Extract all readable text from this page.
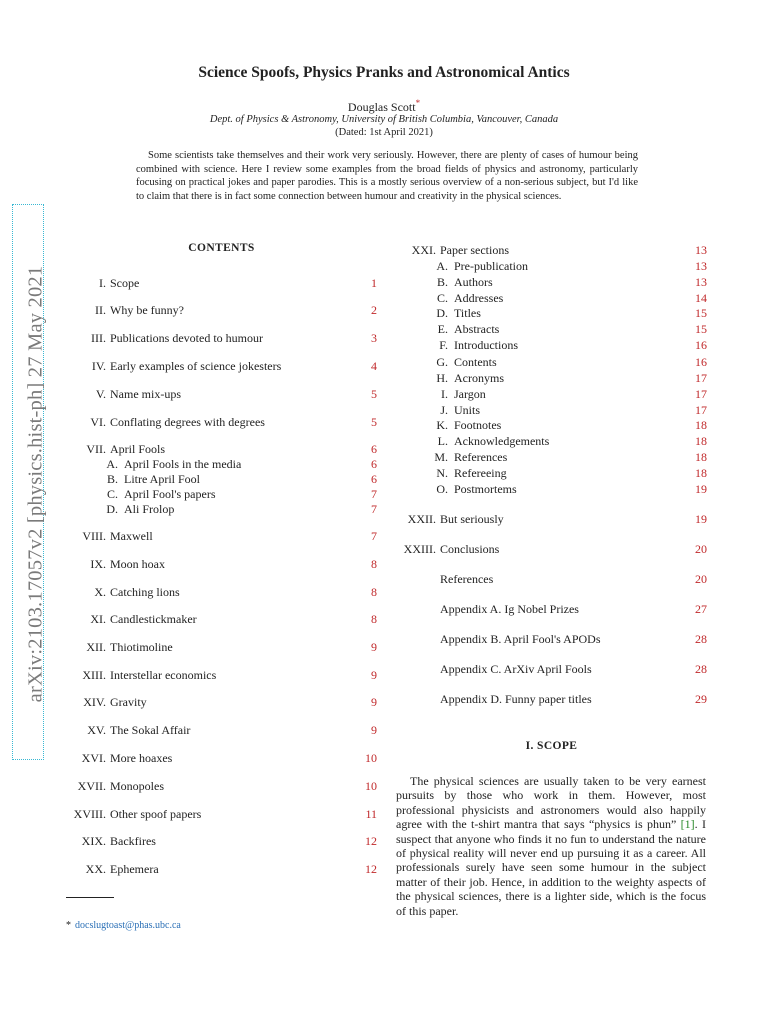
Science Spoofs, Physics Pranks and Astronomical Antics
Douglas Scott*
Dept. of Physics & Astronomy, University of British Columbia, Vancouver, Canada
(Dated: 1st April 2021)
Some scientists take themselves and their work very seriously. However, there are plenty of cases of humour being combined with science. Here I review some examples from the broad fields of physics and astronomy, particularly focusing on practical jokes and paper parodies. This is a mostly serious overview of a non-serious subject, but I'd like to claim that there is in fact some connection between humour and creativity in the physical sciences.
arXiv:2103.17057v2 [physics.hist-ph] 27 May 2021
CONTENTS
I. Scope	1
II. Why be funny?	2
III. Publications devoted to humour	3
IV. Early examples of science jokesters	4
V. Name mix-ups	5
VI. Conflating degrees with degrees	5
VII. April Fools	6
A. April Fools in the media	6
B. Litre April Fool	6
C. April Fool's papers	7
D. Ali Frolop	7
VIII. Maxwell	7
IX. Moon hoax	8
X. Catching lions	8
XI. Candlestickmaker	8
XII. Thiotimoline	9
XIII. Interstellar economics	9
XIV. Gravity	9
XV. The Sokal Affair	9
XVI. More hoaxes	10
XVII. Monopoles	10
XVIII. Other spoof papers	11
XIX. Backfires	12
XX. Ephemera	12
XXI. Paper sections	13
A. Pre-publication	13
B. Authors	13
C. Addresses	14
D. Titles	15
E. Abstracts	15
F. Introductions	16
G. Contents	16
H. Acronyms	17
I. Jargon	17
J. Units	17
K. Footnotes	18
L. Acknowledgements	18
M. References	18
N. Refereeing	18
O. Postmortems	19
XXII. But seriously	19
XXIII. Conclusions	20
References	20
Appendix A. Ig Nobel Prizes	27
Appendix B. April Fool's APODs	28
Appendix C. ArXiv April Fools	28
Appendix D. Funny paper titles	29
I. SCOPE
The physical sciences are usually taken to be very earnest pursuits by those who work in them. However, most professional physicists and astronomers would also happily agree with the t-shirt mantra that says “physics is phun” [1]. I suspect that anyone who finds it no fun to understand the nature of physical reality will never end up pursuing it as a career. All professionals surely have seen some humour in the subject matter of their job. Hence, in addition to the weighty aspects of the physical sciences, there is a lighter side, which is the focus of this paper.
* docslugtoast@phas.ubc.ca
